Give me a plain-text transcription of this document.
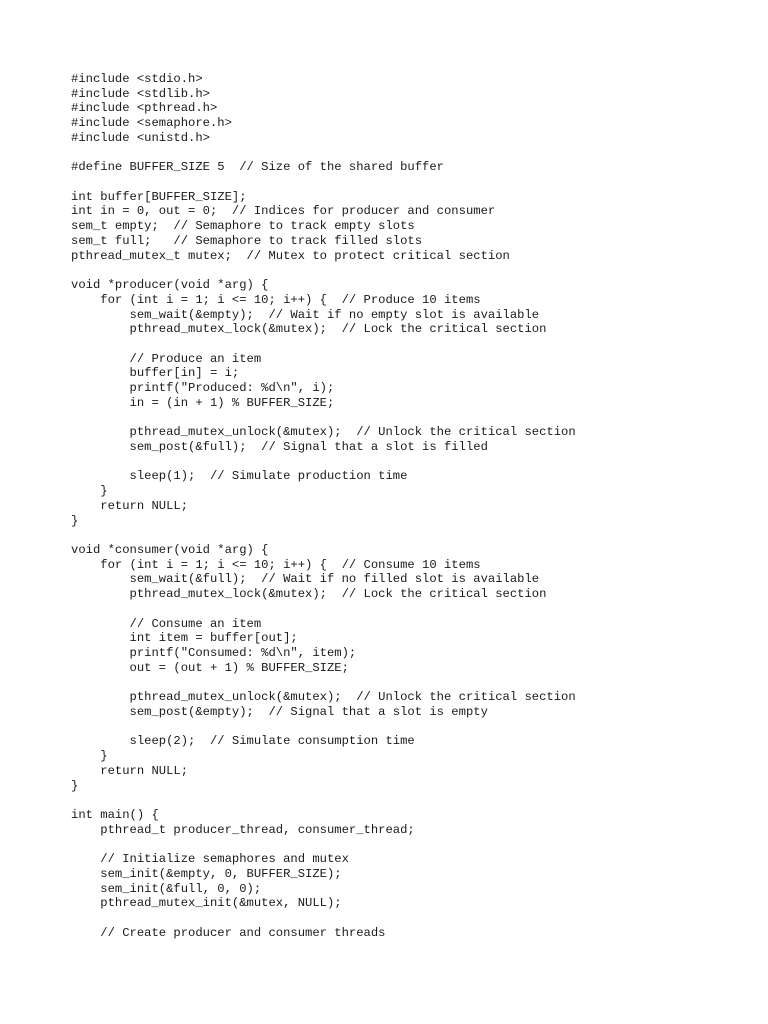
#include <stdio.h>
#include <stdlib.h>
#include <pthread.h>
#include <semaphore.h>
#include <unistd.h>
#define BUFFER_SIZE 5  // Size of the shared buffer
int buffer[BUFFER_SIZE];
int in = 0, out = 0;  // Indices for producer and consumer
sem_t empty;  // Semaphore to track empty slots
sem_t full;   // Semaphore to track filled slots
pthread_mutex_t mutex;  // Mutex to protect critical section
void *producer(void *arg) {
for (int i = 1; i <= 10; i++) {  // Produce 10 items
sem_wait(&empty);  // Wait if no empty slot is available
pthread_mutex_lock(&mutex);  // Lock the critical section
// Produce an item
buffer[in] = i;
printf("Produced: %d\n", i);
in = (in + 1) % BUFFER_SIZE;
pthread_mutex_unlock(&mutex);  // Unlock the critical section
sem_post(&full);  // Signal that a slot is filled
sleep(1);  // Simulate production time
}
return NULL;
}
void *consumer(void *arg) {
for (int i = 1; i <= 10; i++) {  // Consume 10 items
sem_wait(&full);  // Wait if no filled slot is available
pthread_mutex_lock(&mutex);  // Lock the critical section
// Consume an item
int item = buffer[out];
printf("Consumed: %d\n", item);
out = (out + 1) % BUFFER_SIZE;
pthread_mutex_unlock(&mutex);  // Unlock the critical section
sem_post(&empty);  // Signal that a slot is empty
sleep(2);  // Simulate consumption time
}
return NULL;
}
int main() {
pthread_t producer_thread, consumer_thread;
// Initialize semaphores and mutex
sem_init(&empty, 0, BUFFER_SIZE);
sem_init(&full, 0, 0);
pthread_mutex_init(&mutex, NULL);
// Create producer and consumer threads
